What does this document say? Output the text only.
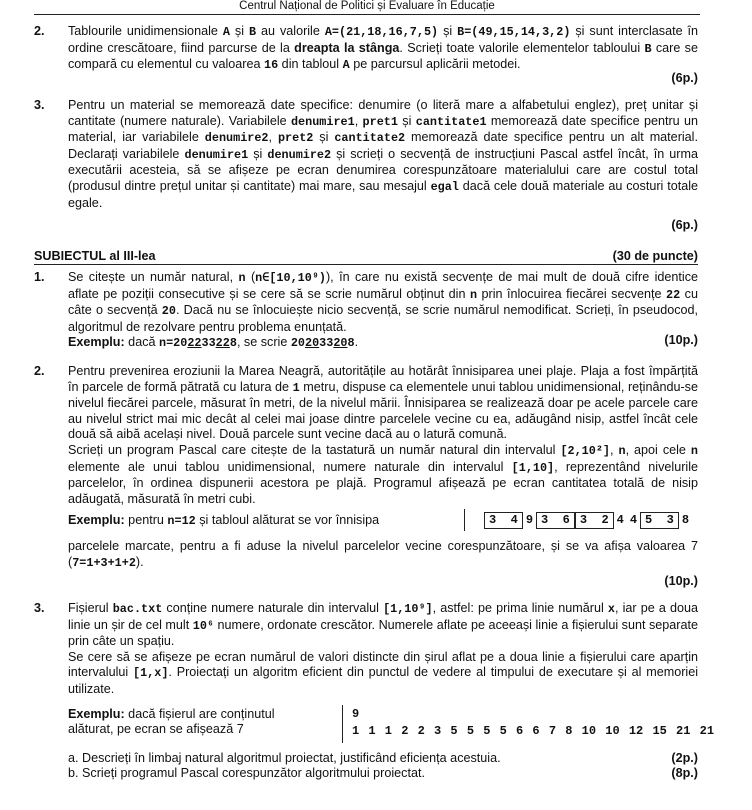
Centrul Național de Politici și Evaluare în Educație
2. Tablourile unidimensionale A și B au valorile A=(21,18,16,7,5) și B=(49,15,14,3,2) și sunt interclasate în ordine crescătoare, fiind parcurse de la dreapta la stânga. Scrieți toate valorile elementelor tabloului B care se compară cu elementul cu valoarea 16 din tabloul A pe parcursul aplicării metodei.
(6p.)
3. Pentru un material se memorează date specifice: denumire (o literă mare a alfabetului englez), preț unitar și cantitate (numere naturale). Variabilele denumire1, pret1 și cantitate1 memorează date specifice pentru un material, iar variabilele denumire2, pret2 și cantitate2 memorează date specifice pentru un alt material. Declarați variabilele denumire1 și denumire2 și scrieți o secvență de instrucțiuni Pascal astfel încât, în urma executării acesteia, să se afișeze pe ecran denumirea corespunzătoare materialului care are costul total (produsul dintre prețul unitar și cantitate) mai mare, sau mesajul egal dacă cele două materiale au costuri totale egale.
(6p.)
SUBIECTUL al III-lea	(30 de puncte)
1. Se citește un număr natural, n (n∈[10,10⁹)), în care nu există secvențe de mai mult de două cifre identice aflate pe poziții consecutive și se cere să se scrie numărul obținut din n prin înlocuirea fiecărei secvențe 22 cu câte o secvență 20. Dacă nu se înlocuiește nicio secvență, se scrie numărul nemodificat. Scrieți, în pseudocod, algoritmul de rezolvare pentru problema enunțată.
Exemplu: dacă n=202233228, se scrie 202033208.	(10p.)
2. Pentru prevenirea eroziunii la Marea Neagră, autoritățile au hotărât înnisiparea unei plaje. Plaja a fost împărțită în parcele de formă pătrată cu latura de 1 metru, dispuse ca elementele unui tablou unidimensional, reținându-se nivelul fiecărei parcele, măsurat în metri, de la nivelul mării. Înnisiparea se realizează doar pe acele parcele care au nivelul strict mai mic decât al celei mai joase dintre parcelele vecine cu ea, adăugând nisip, astfel încât cele două să aibă același nivel. Două parcele sunt vecine dacă au o latură comună.
Scrieți un program Pascal care citește de la tastatură un număr natural din intervalul [2,10²], n, apoi cele n elemente ale unui tablou unidimensional, numere naturale din intervalul [1,10], reprezentând nivelurile parcelelor, în ordinea dispunerii acestora pe plajă. Programul afișează pe ecran cantitatea totală de nisip adăugată, măsurată în metri cubi.
Exemplu: pentru n=12 și tabloul alăturat se vor înnisipa	3 4 9 3 6 3 2 4 4 5 3 8
parcelele marcate, pentru a fi aduse la nivelul parcelelor vecine corespunzătoare, și se va afișa valoarea 7 (7=1+3+1+2).
(10p.)
3. Fișierul bac.txt conține numere naturale din intervalul [1,10⁹], astfel: pe prima linie numărul x, iar pe a doua linie un șir de cel mult 10⁶ numere, ordonate crescător. Numerele aflate pe aceeași linie a fișierului sunt separate prin câte un spațiu.
Se cere să se afișeze pe ecran numărul de valori distincte din șirul aflat pe a doua linie a fișierului care aparțin intervalului [1,x]. Proiectați un algoritm eficient din punctul de vedere al timpului de executare și al memoriei utilizate.
Exemplu: dacă fișierul are conținutul
alăturat, pe ecran se afișează 7
9
1 1 1 2 2 3 5 5 5 5 6 6 7 8 10 10 12 15 21 21
a. Descrieți în limbaj natural algoritmul proiectat, justificând eficiența acestuia.	(2p.)
b. Scrieți programul Pascal corespunzător algoritmului proiectat.	(8p.)
